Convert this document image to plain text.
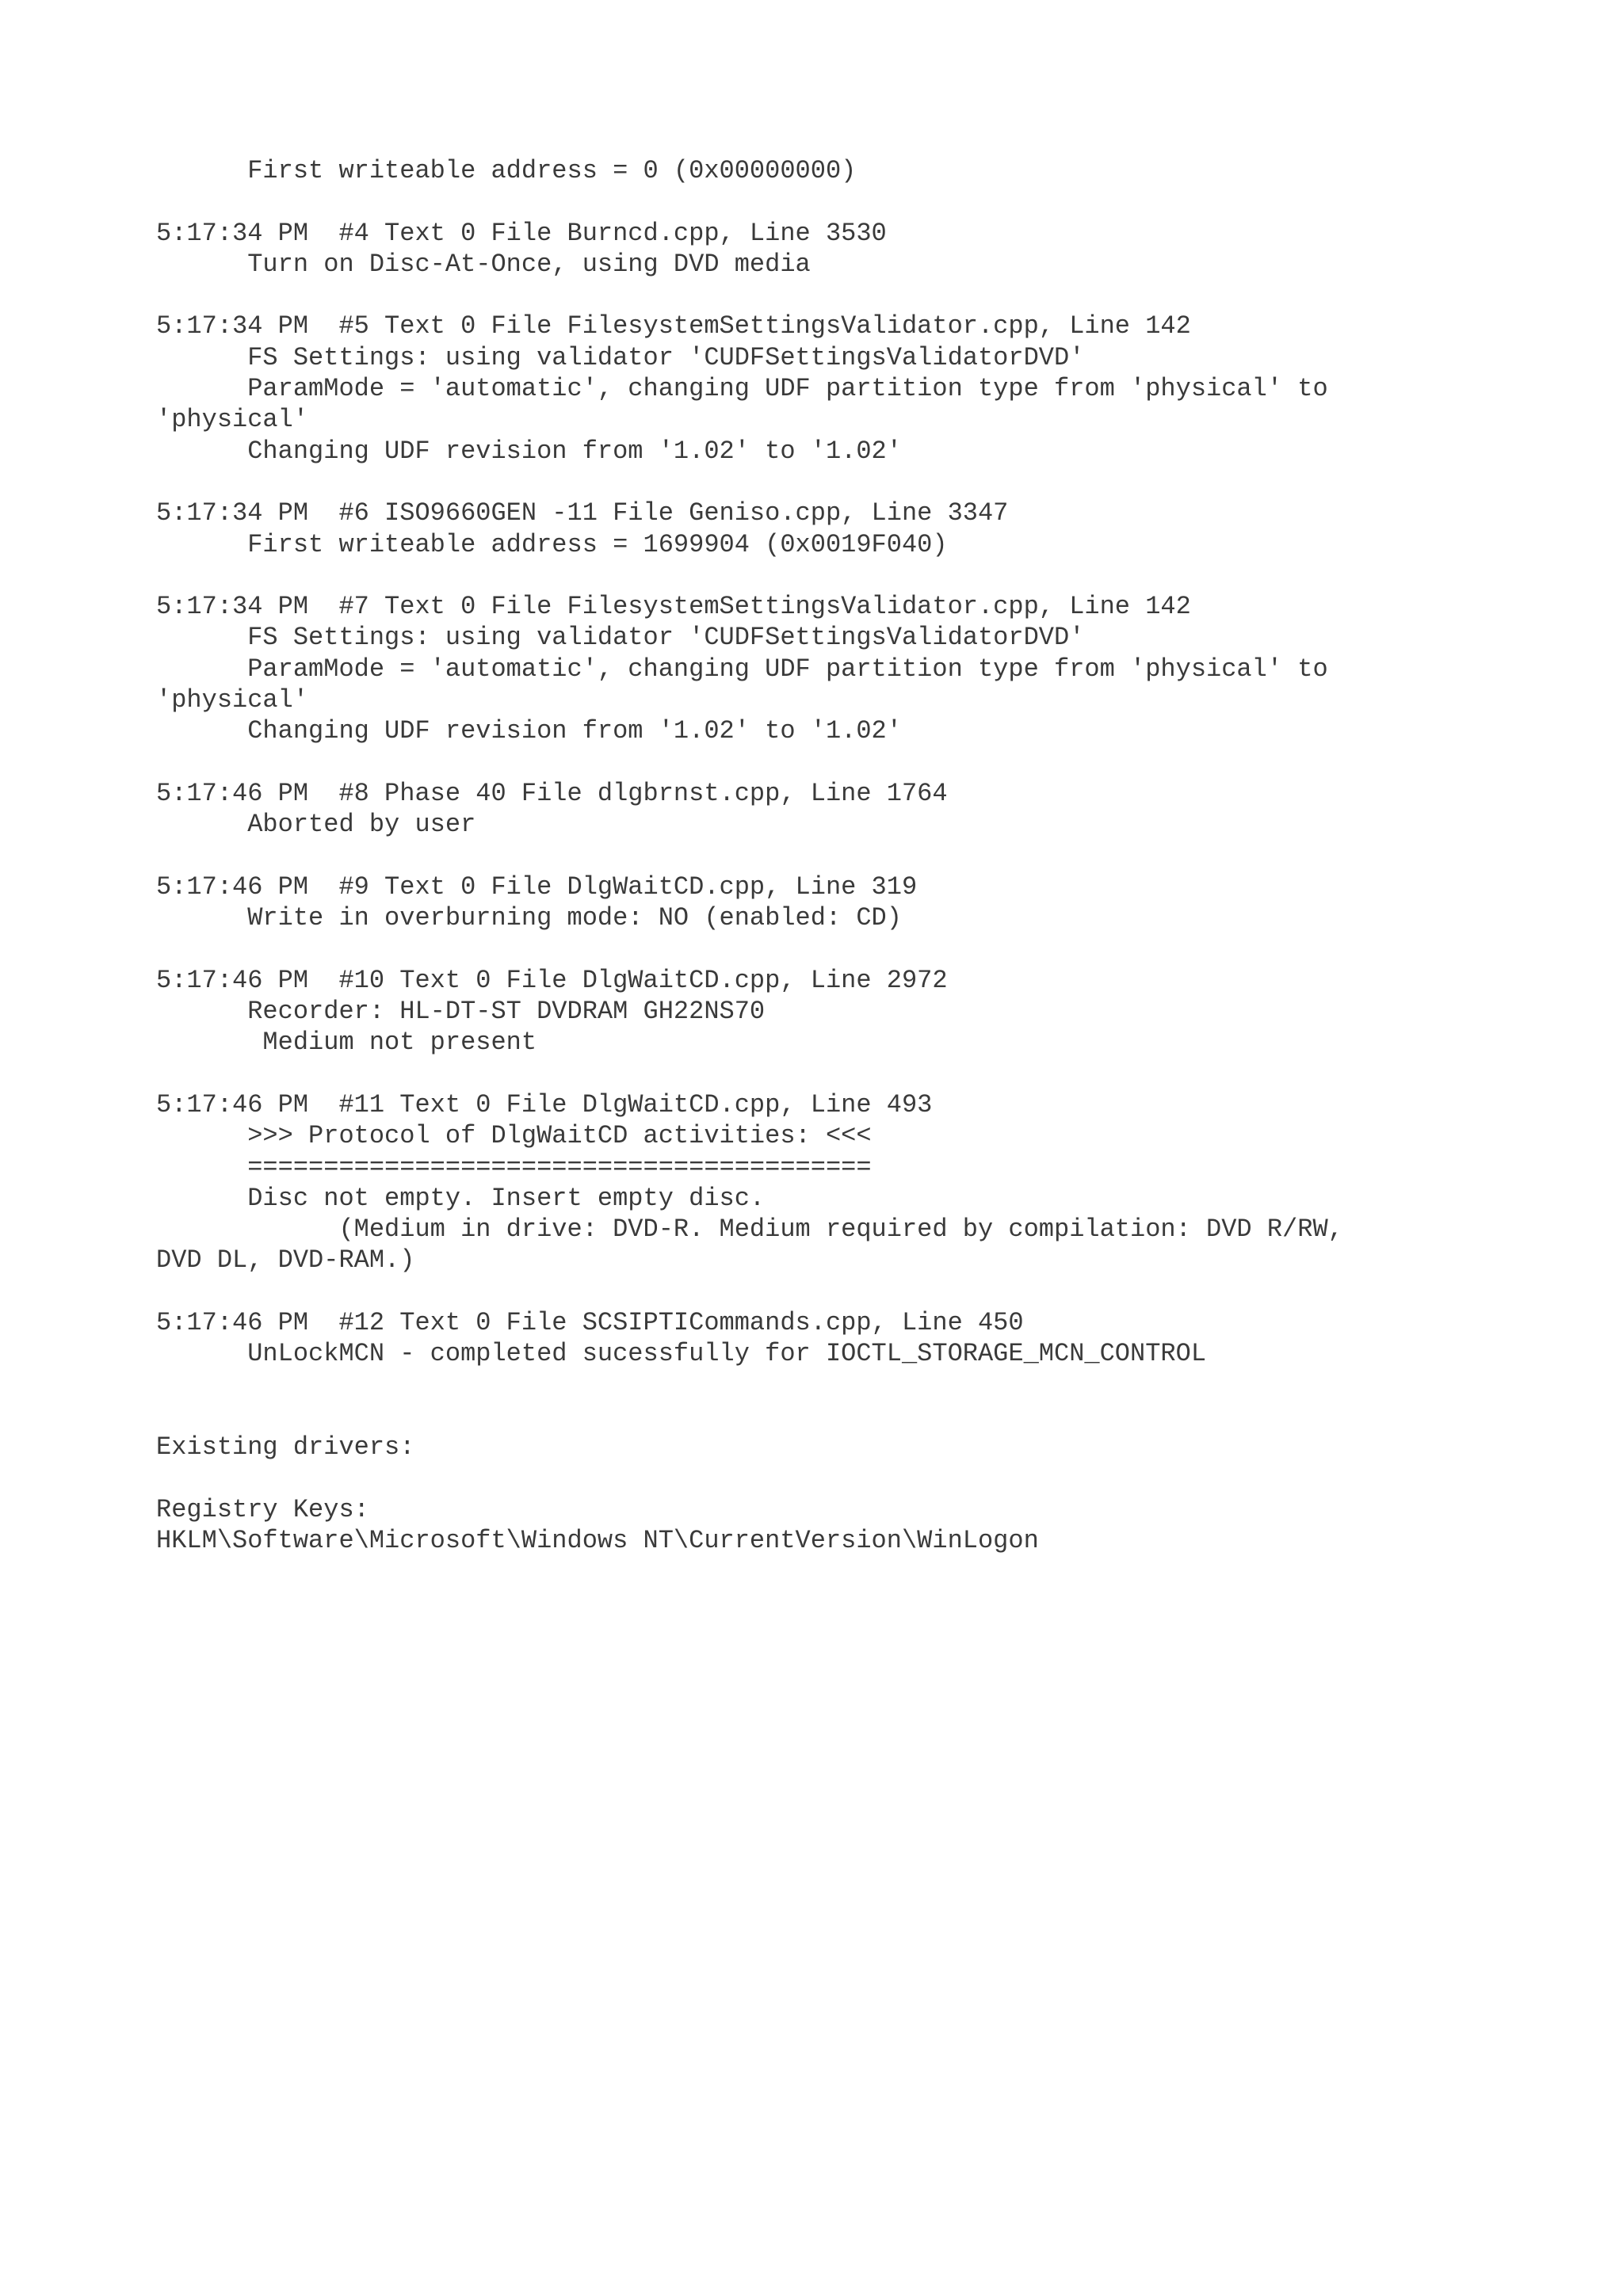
First writeable address = 0 (0x00000000)
5:17:34 PM  #4 Text 0 File Burncd.cpp, Line 3530
Turn on Disc-At-Once, using DVD media
5:17:34 PM  #5 Text 0 File FilesystemSettingsValidator.cpp, Line 142
FS Settings: using validator 'CUDFSettingsValidatorDVD'
ParamMode = 'automatic', changing UDF partition type from 'physical' to
'physical'
Changing UDF revision from '1.02' to '1.02'
5:17:34 PM  #6 ISO9660GEN -11 File Geniso.cpp, Line 3347
First writeable address = 1699904 (0x0019F040)
5:17:34 PM  #7 Text 0 File FilesystemSettingsValidator.cpp, Line 142
FS Settings: using validator 'CUDFSettingsValidatorDVD'
ParamMode = 'automatic', changing UDF partition type from 'physical' to
'physical'
Changing UDF revision from '1.02' to '1.02'
5:17:46 PM  #8 Phase 40 File dlgbrnst.cpp, Line 1764
Aborted by user
5:17:46 PM  #9 Text 0 File DlgWaitCD.cpp, Line 319
Write in overburning mode: NO (enabled: CD)
5:17:46 PM  #10 Text 0 File DlgWaitCD.cpp, Line 2972
Recorder: HL-DT-ST DVDRAM GH22NS70
Medium not present
5:17:46 PM  #11 Text 0 File DlgWaitCD.cpp, Line 493
>>> Protocol of DlgWaitCD activities: <<<
=========================================
Disc not empty. Insert empty disc.
(Medium in drive: DVD-R. Medium required by compilation: DVD R/RW,
DVD DL, DVD-RAM.)
5:17:46 PM  #12 Text 0 File SCSIPTICommands.cpp, Line 450
UnLockMCN - completed sucessfully for IOCTL_STORAGE_MCN_CONTROL
Existing drivers:
Registry Keys:
HKLM\Software\Microsoft\Windows NT\CurrentVersion\WinLogon
